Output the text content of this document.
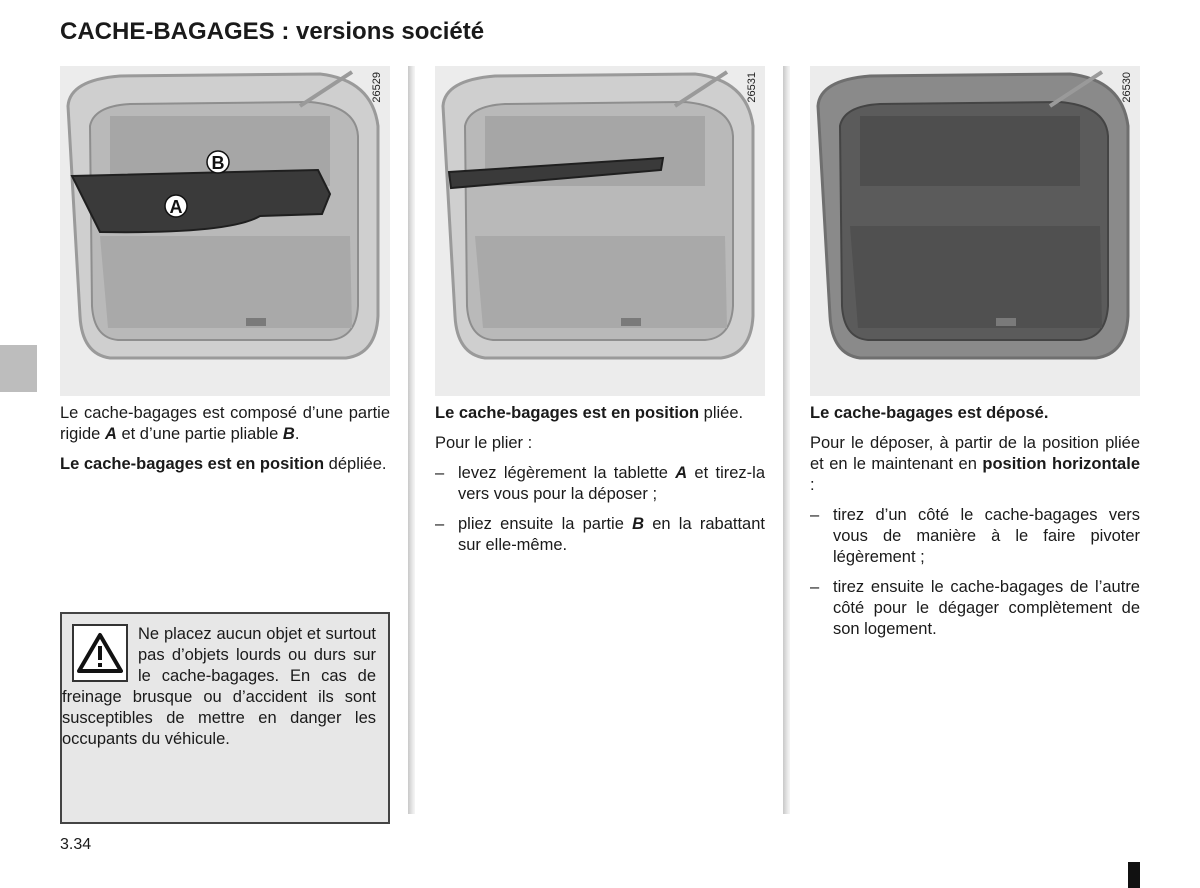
CACHE-BAGAGES : versions société
B
A
26529	26531	26530

Le cache-bagages est composé d’une partie rigide A et d’une partie pliable B.

Le cache-bagages est en position dépliée.

Ne placez aucun objet et surtout pas d’objets lourds ou durs sur le cache-bagages. En cas de freinage brusque ou d’accident ils sont susceptibles de mettre en danger les occupants du véhicule.

Le cache-bagages est en position pliée.

Pour le plier :

– levez légèrement la tablette A et tirez-la vers vous pour la déposer ;
– pliez ensuite la partie B en la rabattant sur elle-même.

Le cache-bagages est déposé.

Pour le déposer, à partir de la position pliée et en le maintenant en position horizontale :

– tirez d’un côté le cache-bagages vers vous de manière à le faire pivoter légèrement ;
– tirez ensuite le cache-bagages de l’autre côté pour le dégager complètement de son logement.
3.34
